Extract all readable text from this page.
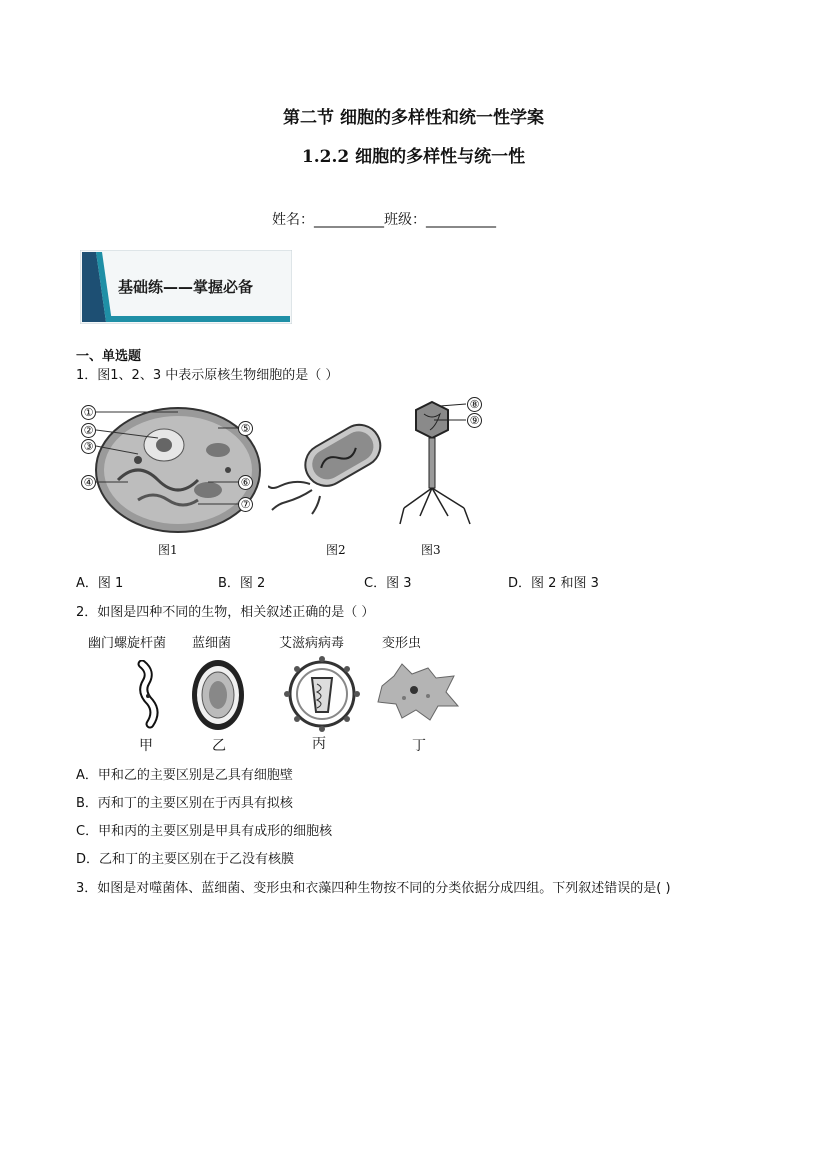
第二节 细胞的多样性和统一性学案
1.2.2 细胞的多样性与统一性
姓名：__________班级：__________
基础练——掌握必备
一、单选题
1．图1、2、3 中表示原核生物细胞的是（ ）
①
②
③
④
⑤
⑥
⑦
⑧
⑨
图1	图2	图3
A．图 1	B．图 2	C．图 3	D．图 2 和图 3
2．如图是四种不同的生物，相关叙述正确的是（ ）
幽门螺旋杆菌 蓝细菌	艾滋病病毒	变形虫
甲	乙	丙	丁
A．甲和乙的主要区别是乙具有细胞壁
B．丙和丁的主要区别在于丙具有拟核
C．甲和丙的主要区别是甲具有成形的细胞核
D．乙和丁的主要区别在于乙没有核膜
3．如图是对噬菌体、蓝细菌、变形虫和衣藻四种生物按不同的分类依据分成四组。下列叙述错误的是( )
